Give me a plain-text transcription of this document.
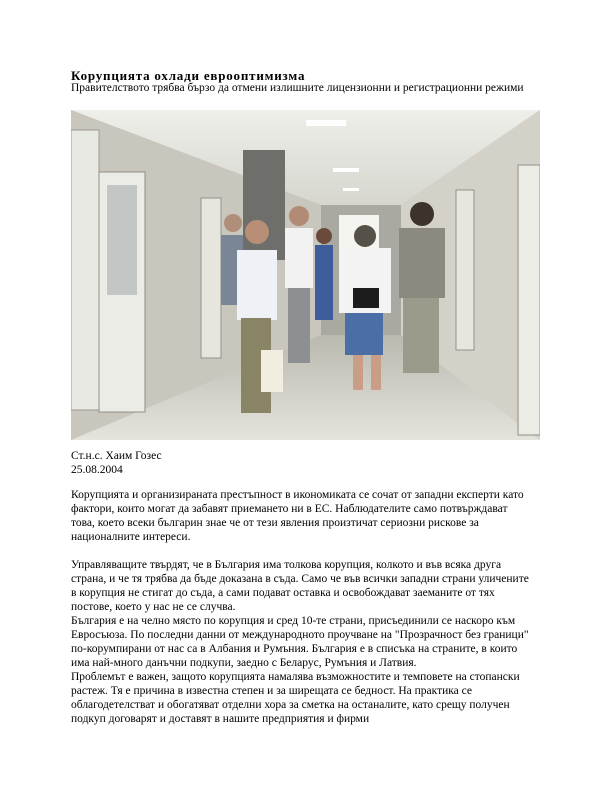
Корупцията охлади еврооптимизма

Правителството трябва бързо да отмени излишните лицензионни и регистрационни режими

Ст.н.с. Хаим Гозес
25.08.2004

Корупцията и организираната престъпност в икономиката се сочат от западни експерти като фактори, които могат да забавят приемането ни в ЕС. Наблюдателите само потвърждават това, което всеки българин знае че от тези явления произтичат сериозни рискове за националните интереси.

Управляващите твърдят, че в България има толкова корупция, колкото и във всяка друга страна, и че тя трябва да бъде доказана в съда. Само че във всички западни страни уличените в корупция не стигат до съда, а сами подават оставка и освобождават заеманите от тях постове, което у нас не се случва.

България е на челно място по корупция и сред 10-те страни, присъединили се наскоро към Евросъюза. По последни данни от международното проучване на "Прозрачност без граници" по-корумпирани от нас са в Албания и Румъния. България е в списъка на страните, в които има най-много данъчни подкупи, заедно с Беларус, Румъния и Латвия.

Проблемът е важен, защото корупцията намалява възможностите и темповете на стопански растеж. Тя е причина в известна степен и за ширещата се бедност. На практика се облагодетелстват и обогатяват отделни хора за сметка на останалите, като срещу получен подкуп договарят и доставят в нашите предприятия и фирми
